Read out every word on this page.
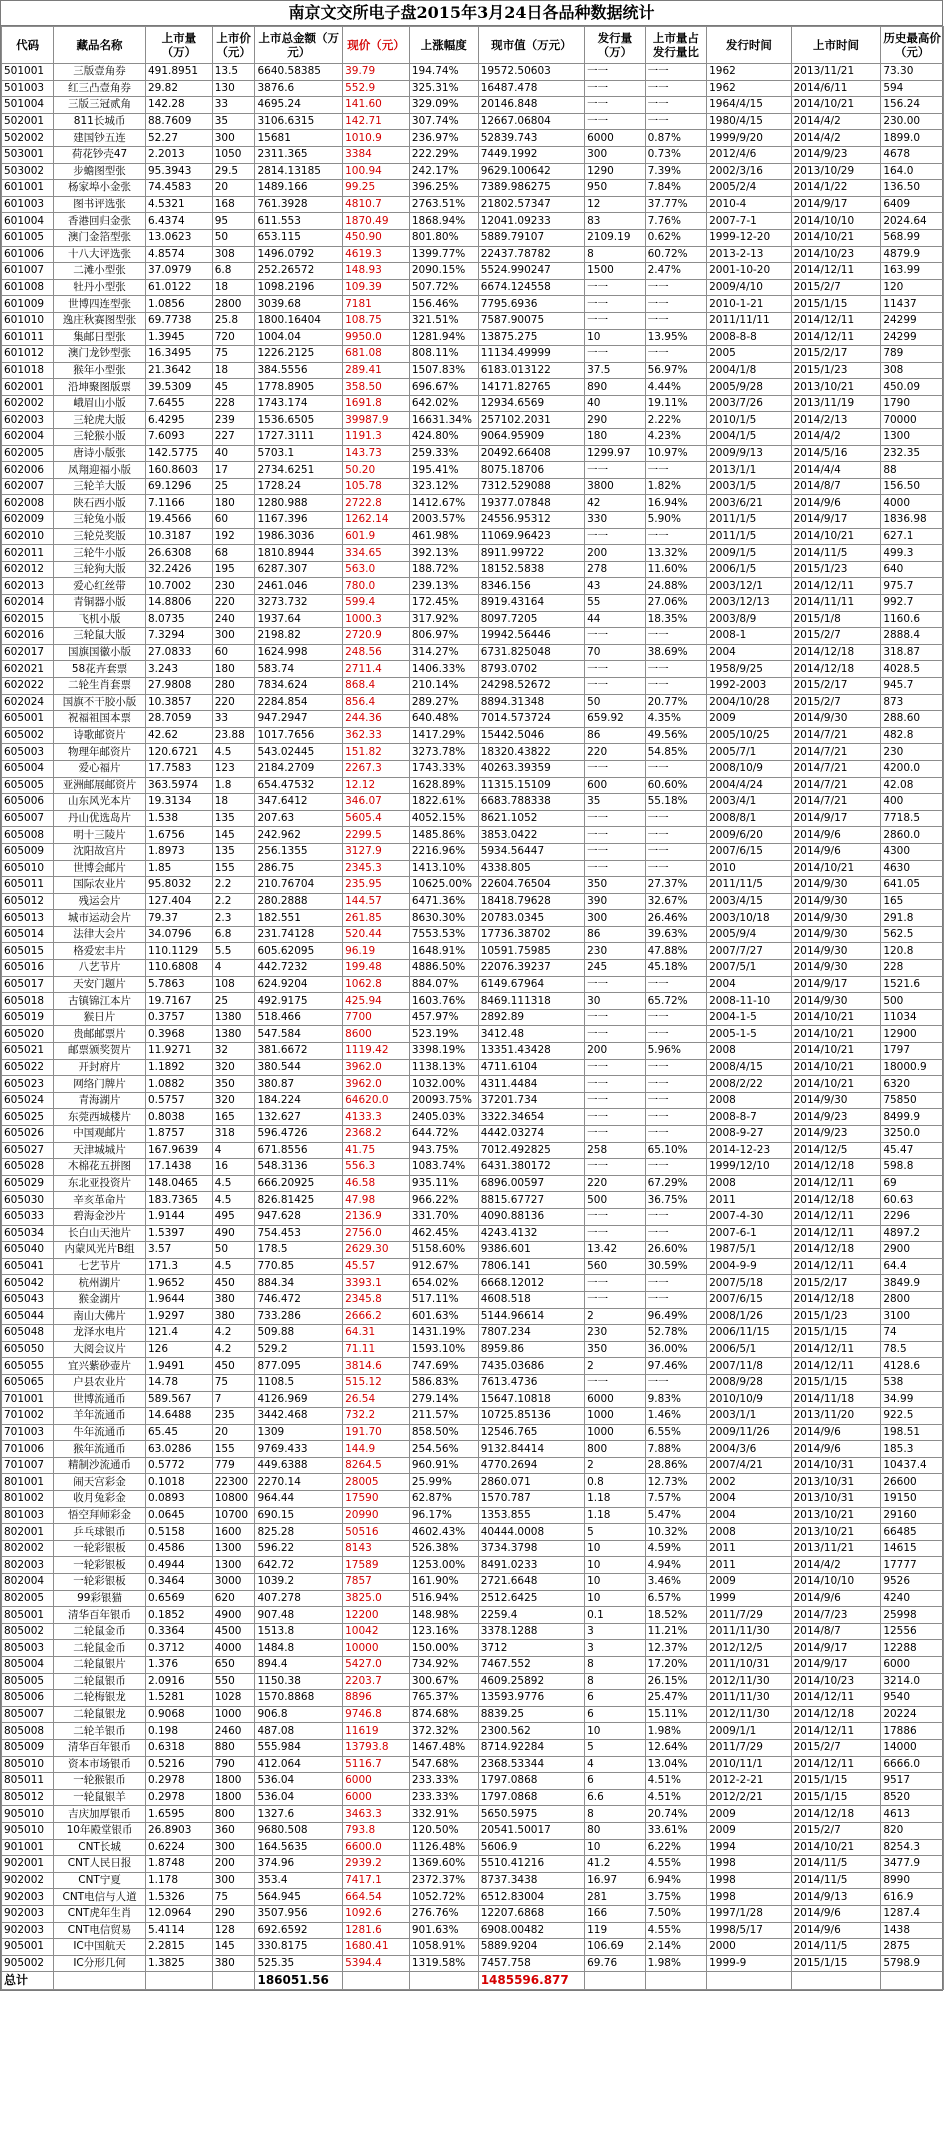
南京文交所电子盘2015年3月24日各品种数据统计
代码	藏品名称	上市量（万）	上市价（元）	上市总金额（万元）	现价（元）	上涨幅度	现市值（万元）	发行量（万）	上市量占发行量比	发行时间	上市时间	历史最高价（元）
501001	三版壹角券	491.8951	13.5	6640.58385	39.79	194.74%	19572.50603	一一	一一	1962	2013/11/21	73.30
501003	红三凸壹角券	29.82	130	3876.6	552.9	325.31%	16487.478	一一	一一	1962	2014/6/11	594
501004	三版三冠贰角	142.28	33	4695.24	141.60	329.09%	20146.848	一一	一一	1964/4/15	2014/10/21	156.24
502001	811长城币	88.7609	35	3106.6315	142.71	307.74%	12667.06804	一一	一一	1980/4/15	2014/4/2	230.00
502002	建国钞五连	52.27	300	15681	1010.9	236.97%	52839.743	6000	0.87%	1999/9/20	2014/4/2	1899.0
503001	荷花钞壳47	2.2013	1050	2311.365	3384	222.29%	7449.1992	300	0.73%	2012/4/6	2014/9/23	4678
503002	步蟾图型张	95.3943	29.5	2814.13185	100.94	242.17%	9629.100642	1290	7.39%	2002/3/16	2013/10/29	164.0
601001	杨家埠小金张	74.4583	20	1489.166	99.25	396.25%	7389.986275	950	7.84%	2005/2/4	2014/1/22	136.50
601003	图书评选张	4.5321	168	761.3928	4810.7	2763.51%	21802.57347	12	37.77%	2010-4	2014/9/17	6409
601004	香港回归金张	6.4374	95	611.553	1870.49	1868.94%	12041.09233	83	7.76%	2007-7-1	2014/10/10	2024.64
601005	澳门金箔型张	13.0623	50	653.115	450.90	801.80%	5889.79107	2109.19	0.62%	1999-12-20	2014/10/21	568.99
601006	十八大评选张	4.8574	308	1496.0792	4619.3	1399.77%	22437.78782	8	60.72%	2013-2-13	2014/10/23	4879.9
601007	二滩小型张	37.0979	6.8	252.26572	148.93	2090.15%	5524.990247	1500	2.47%	2001-10-20	2014/12/11	163.99
601008	牡丹小型张	61.0122	18	1098.2196	109.39	507.72%	6674.124558	一一	一一	2009/4/10	2015/2/7	120
601009	世博四连型张	1.0856	2800	3039.68	7181	156.46%	7795.6936	一一	一一	2010-1-21	2015/1/15	11437
601010	逸庄秋赛图型张	69.7738	25.8	1800.16404	108.75	321.51%	7587.90075	一一	一一	2011/11/11	2014/12/11	24299
601011	集邮日型张	1.3945	720	1004.04	9950.0	1281.94%	13875.275	10	13.95%	2008-8-8	2014/12/11	24299
601012	澳门龙钞型张	16.3495	75	1226.2125	681.08	808.11%	11134.49999	一一	一一	2005	2015/2/17	789
601018	猴年小型张	21.3642	18	384.5556	289.41	1507.83%	6183.013122	37.5	56.97%	2004/1/8	2015/1/23	308
602001	沿坤聚图版票	39.5309	45	1778.8905	358.50	696.67%	14171.82765	890	4.44%	2005/9/28	2013/10/21	450.09
602002	峨眉山小版	7.6455	228	1743.174	1691.8	642.02%	12934.6569	40	19.11%	2003/7/26	2013/11/19	1790
602003	三轮虎大版	6.4295	239	1536.6505	39987.9	16631.34%	257102.2031	290	2.22%	2010/1/5	2014/2/13	70000
602004	三轮猴小版	7.6093	227	1727.3111	1191.3	424.80%	9064.95909	180	4.23%	2004/1/5	2014/4/2	1300
602005	唐诗小版张	142.5775	40	5703.1	143.73	259.33%	20492.66408	1299.97	10.97%	2009/9/13	2014/5/16	232.35
602006	凤翔迎福小版	160.8603	17	2734.6251	50.20	195.41%	8075.18706	一一	一一	2013/1/1	2014/4/4	88
602007	三轮羊大版	69.1296	25	1728.24	105.78	323.12%	7312.529088	3800	1.82%	2003/1/5	2014/8/7	156.50
602008	陕石西小版	7.1166	180	1280.988	2722.8	1412.67%	19377.07848	42	16.94%	2003/6/21	2014/9/6	4000
602009	三轮兔小版	19.4566	60	1167.396	1262.14	2003.57%	24556.95312	330	5.90%	2011/1/5	2014/9/17	1836.98
602010	三轮兑奖版	10.3187	192	1986.3036	601.9	461.98%	11069.96423	一一	一一	2011/1/5	2014/10/21	627.1
602011	三轮牛小版	26.6308	68	1810.8944	334.65	392.13%	8911.99722	200	13.32%	2009/1/5	2014/11/5	499.3
602012	三轮狗大版	32.2426	195	6287.307	563.0	188.72%	18152.5838	278	11.60%	2006/1/5	2015/1/23	640
602013	爱心红丝带	10.7002	230	2461.046	780.0	239.13%	8346.156	43	24.88%	2003/12/1	2014/12/11	975.7
602014	青铜器小版	14.8806	220	3273.732	599.4	172.45%	8919.43164	55	27.06%	2003/12/13	2014/11/11	992.7
602015	飞机小版	8.0735	240	1937.64	1000.3	317.92%	8097.7205	44	18.35%	2003/8/9	2015/1/8	1160.6
602016	三轮鼠大版	7.3294	300	2198.82	2720.9	806.97%	19942.56446	一一	一一	2008-1	2015/2/7	2888.4
602017	国旗国徽小版	27.0833	60	1624.998	248.56	314.27%	6731.825048	70	38.69%	2004	2014/12/18	318.87
602021	58花卉套票	3.243	180	583.74	2711.4	1406.33%	8793.0702	一一	一一	1958/9/25	2014/12/18	4028.5
602022	二轮生肖套票	27.9808	280	7834.624	868.4	210.14%	24298.52672	一一	一一	1992-2003	2015/2/17	945.7
602024	国旗不干胶小版	10.3857	220	2284.854	856.4	289.27%	8894.31348	50	20.77%	2004/10/28	2015/2/7	873
605001	祝福祖国本票	28.7059	33	947.2947	244.36	640.48%	7014.573724	659.92	4.35%	2009	2014/9/30	288.60
605002	诗歌邮资片	42.62	23.88	1017.7656	362.33	1417.29%	15442.5046	86	49.56%	2005/10/25	2014/7/21	482.8
605003	物理年邮资片	120.6721	4.5	543.02445	151.82	3273.78%	18320.43822	220	54.85%	2005/7/1	2014/7/21	230
605004	爱心福片	17.7583	123	2184.2709	2267.3	1743.33%	40263.39359	一一	一一	2008/10/9	2014/7/21	4200.0
605005	亚洲邮展邮资片	363.5974	1.8	654.47532	12.12	1628.89%	11315.15109	600	60.60%	2004/4/24	2014/7/21	42.08
605006	山东风光本片	19.3134	18	347.6412	346.07	1822.61%	6683.788338	35	55.18%	2003/4/1	2014/7/21	400
605007	丹山优选岛片	1.538	135	207.63	5605.4	4052.15%	8621.1052	一一	一一	2008/8/1	2014/9/17	7718.5
605008	明十三陵片	1.6756	145	242.962	2299.5	1485.86%	3853.0422	一一	一一	2009/6/20	2014/9/6	2860.0
605009	沈阳故宫片	1.8973	135	256.1355	3127.9	2216.96%	5934.56447	一一	一一	2007/6/15	2014/9/6	4300
605010	世博会邮片	1.85	155	286.75	2345.3	1413.10%	4338.805	一一	一一	2010	2014/10/21	4630
605011	国际农业片	95.8032	2.2	210.76704	235.95	10625.00%	22604.76504	350	27.37%	2011/11/5	2014/9/30	641.05
605012	残运会片	127.404	2.2	280.2888	144.57	6471.36%	18418.79628	390	32.67%	2003/4/15	2014/9/30	165
605013	城市运动会片	79.37	2.3	182.551	261.85	8630.30%	20783.0345	300	26.46%	2003/10/18	2014/9/30	291.8
605014	法律大会片	34.0796	6.8	231.74128	520.44	7553.53%	17736.38702	86	39.63%	2005/9/4	2014/9/30	562.5
605015	格爱宏丰片	110.1129	5.5	605.62095	96.19	1648.91%	10591.75985	230	47.88%	2007/7/27	2014/9/30	120.8
605016	八艺节片	110.6808	4	442.7232	199.48	4886.50%	22076.39237	245	45.18%	2007/5/1	2014/9/30	228
605017	天安门题片	5.7863	108	624.9204	1062.8	884.07%	6149.67964	一一	一一	2004	2014/9/17	1521.6
605018	古镇锦江本片	19.7167	25	492.9175	425.94	1603.76%	8469.111318	30	65.72%	2008-11-10	2014/9/30	500
605019	猴日片	0.3757	1380	518.466	7700	457.97%	2892.89	一一	一一	2004-1-5	2014/10/21	11034
605020	贵邮邮票片	0.3968	1380	547.584	8600	523.19%	3412.48	一一	一一	2005-1-5	2014/10/21	12900
605021	邮票颁奖贺片	11.9271	32	381.6672	1119.42	3398.19%	13351.43428	200	5.96%	2008	2014/10/21	1797
605022	开封府片	1.1892	320	380.544	3962.0	1138.13%	4711.6104	一一	一一	2008/4/15	2014/10/21	18000.9
605023	网络门牌片	1.0882	350	380.87	3962.0	1032.00%	4311.4484	一一	一一	2008/2/22	2014/10/21	6320
605024	青海湖片	0.5757	320	184.224	64620.0	20093.75%	37201.734	一一	一一	2008	2014/9/30	75850
605025	东莞西城楼片	0.8038	165	132.627	4133.3	2405.03%	3322.34654	一一	一一	2008-8-7	2014/9/23	8499.9
605026	中国观邮片	1.8757	318	596.4726	2368.2	644.72%	4442.03274	一一	一一	2008-9-27	2014/9/23	3250.0
605027	天津城城片	167.9639	4	671.8556	41.75	943.75%	7012.492825	258	65.10%	2014-12-23	2014/12/5	45.47
605028	木棉花五拼图	17.1438	16	548.3136	556.3	1083.74%	6431.380172	一一	一一	1999/12/10	2014/12/18	598.8
605029	东北亚投资片	148.0465	4.5	666.20925	46.58	935.11%	6896.00597	220	67.29%	2008	2014/12/11	69
605030	辛亥革命片	183.7365	4.5	826.81425	47.98	966.22%	8815.67727	500	36.75%	2011	2014/12/18	60.63
605033	碧海金沙片	1.9144	495	947.628	2136.9	331.70%	4090.88136	一一	一一	2007-4-30	2014/12/11	2296
605034	长白山天池片	1.5397	490	754.453	2756.0	462.45%	4243.4132	一一	一一	2007-6-1	2014/12/11	4897.2
605040	内蒙风光片B组	3.57	50	178.5	2629.30	5158.60%	9386.601	13.42	26.60%	1987/5/1	2014/12/18	2900
605041	七艺节片	171.3	4.5	770.85	45.57	912.67%	7806.141	560	30.59%	2004-9-9	2014/12/11	64.4
605042	杭州湖片	1.9652	450	884.34	3393.1	654.02%	6668.12012	一一	一一	2007/5/18	2015/2/17	3849.9
605043	猴金湖片	1.9644	380	746.472	2345.8	517.11%	4608.518	一一	一一	2007/6/15	2014/12/18	2800
605044	南山大佛片	1.9297	380	733.286	2666.2	601.63%	5144.96614	2	96.49%	2008/1/26	2015/1/23	3100
605048	龙泽水电片	121.4	4.2	509.88	64.31	1431.19%	7807.234	230	52.78%	2006/11/15	2015/1/15	74
605050	大阅会议片	126	4.2	529.2	71.11	1593.10%	8959.86	350	36.00%	2006/5/1	2014/12/11	78.5
605055	宜兴紫砂壶片	1.9491	450	877.095	3814.6	747.69%	7435.03686	2	97.46%	2007/11/8	2014/12/11	4128.6
605065	户县农业片	14.78	75	1108.5	515.12	586.83%	7613.4736	一一	一一	2008/9/28	2015/1/15	538
701001	世博流通币	589.567	7	4126.969	26.54	279.14%	15647.10818	6000	9.83%	2010/10/9	2014/11/18	34.99
701002	羊年流通币	14.6488	235	3442.468	732.2	211.57%	10725.85136	1000	1.46%	2003/1/1	2013/11/20	922.5
701003	牛年流通币	65.45	20	1309	191.70	858.50%	12546.765	1000	6.55%	2009/11/26	2014/9/6	198.51
701006	猴年流通币	63.0286	155	9769.433	144.9	254.56%	9132.84414	800	7.88%	2004/3/6	2014/9/6	185.3
701007	精制沙流通币	0.5772	779	449.6388	8264.5	960.91%	4770.2694	2	28.86%	2007/4/21	2014/10/31	10437.4
801001	闹天宫彩金	0.1018	22300	2270.14	28005	25.99%	2860.071	0.8	12.73%	2002	2013/10/31	26600
801002	收月兔彩金	0.0893	10800	964.44	17590	62.87%	1570.787	1.18	7.57%	2004	2013/10/31	19150
801003	悟空拜师彩金	0.0645	10700	690.15	20990	96.17%	1353.855	1.18	5.47%	2004	2013/10/21	29160
802001	乒乓球银币	0.5158	1600	825.28	50516	4602.43%	40444.0008	5	10.32%	2008	2013/10/21	66485
802002	一轮彩银板	0.4586	1300	596.22	8143	526.38%	3734.3798	10	4.59%	2011	2013/11/21	14615
802003	一轮彩银板	0.4944	1300	642.72	17589	1253.00%	8491.0233	10	4.94%	2011	2014/4/2	17777
802004	一轮彩银板	0.3464	3000	1039.2	7857	161.90%	2721.6648	10	3.46%	2009	2014/10/10	9526
802005	99彩银猫	0.6569	620	407.278	3825.0	516.94%	2512.6425	10	6.57%	1999	2014/9/6	4240
805001	清华百年银币	0.1852	4900	907.48	12200	148.98%	2259.4	0.1	18.52%	2011/7/29	2014/7/23	25998
805002	二轮鼠金币	0.3364	4500	1513.8	10042	123.16%	3378.1288	3	11.21%	2011/11/30	2014/8/7	12556
805003	二轮鼠金币	0.3712	4000	1484.8	10000	150.00%	3712	3	12.37%	2012/12/5	2014/9/17	12288
805004	二轮鼠银片	1.376	650	894.4	5427.0	734.92%	7467.552	8	17.20%	2011/10/31	2014/9/17	6000
805005	二轮鼠银币	2.0916	550	1150.38	2203.7	300.67%	4609.25892	8	26.15%	2012/11/30	2014/10/23	3214.0
805006	二轮梅银龙	1.5281	1028	1570.8868	8896	765.37%	13593.9776	6	25.47%	2011/11/30	2014/12/11	9540
805007	二轮鼠银龙	0.9068	1000	906.8	9746.8	874.68%	8839.25	6	15.11%	2012/11/30	2014/12/18	20224
805008	二轮羊银币	0.198	2460	487.08	11619	372.32%	2300.562	10	1.98%	2009/1/1	2014/12/11	17886
805009	清华百年银币	0.6318	880	555.984	13793.8	1467.48%	8714.92284	5	12.64%	2011/7/29	2015/2/7	14000
805010	资本市场银币	0.5216	790	412.064	5116.7	547.68%	2368.53344	4	13.04%	2010/11/1	2014/12/11	6666.0
805011	一轮猴银币	0.2978	1800	536.04	6000	233.33%	1797.0868	6	4.51%	2012-2-21	2015/1/15	9517
805012	一轮鼠银羊	0.2978	1800	536.04	6000	233.33%	1797.0868	6.6	4.51%	2012/2/21	2015/1/15	8520
905010	吉庆加厚银币	1.6595	800	1327.6	3463.3	332.91%	5650.5975	8	20.74%	2009	2014/12/18	4613
905010	10年殿堂银币	26.8903	360	9680.508	793.8	120.50%	20541.50017	80	33.61%	2009	2015/2/7	820
901001	CNT长城	0.6224	300	164.5635	6600.0	1126.48%	5606.9	10	6.22%	1994	2014/10/21	8254.3
902001	CNT人民日报	1.8748	200	374.96	2939.2	1369.60%	5510.41216	41.2	4.55%	1998	2014/11/5	3477.9
902002	CNT宁夏	1.178	300	353.4	7417.1	2372.37%	8737.3438	16.97	6.94%	1998	2014/11/5	8990
902003	CNT电信与人道	1.5326	75	564.945	664.54	1052.72%	6512.83004	281	3.75%	1998	2014/9/13	616.9
902003	CNT虎年生肖	12.0964	290	3507.956	1092.6	276.76%	12207.6868	166	7.50%	1997/1/28	2014/9/6	1287.4
902003	CNT电信贸易	5.4114	128	692.6592	1281.6	901.63%	6908.00482	119	4.55%	1998/5/17	2014/9/6	1438
905001	IC中国航天	2.2815	145	330.8175	1680.41	1058.91%	5889.9204	106.69	2.14%	2000	2014/11/5	2875
905002	IC分形几何	1.3825	380	525.35	5394.4	1319.58%	7457.758	69.76	1.98%	1999-9	2015/1/15	5798.9
总计				186051.56			1485596.877					
